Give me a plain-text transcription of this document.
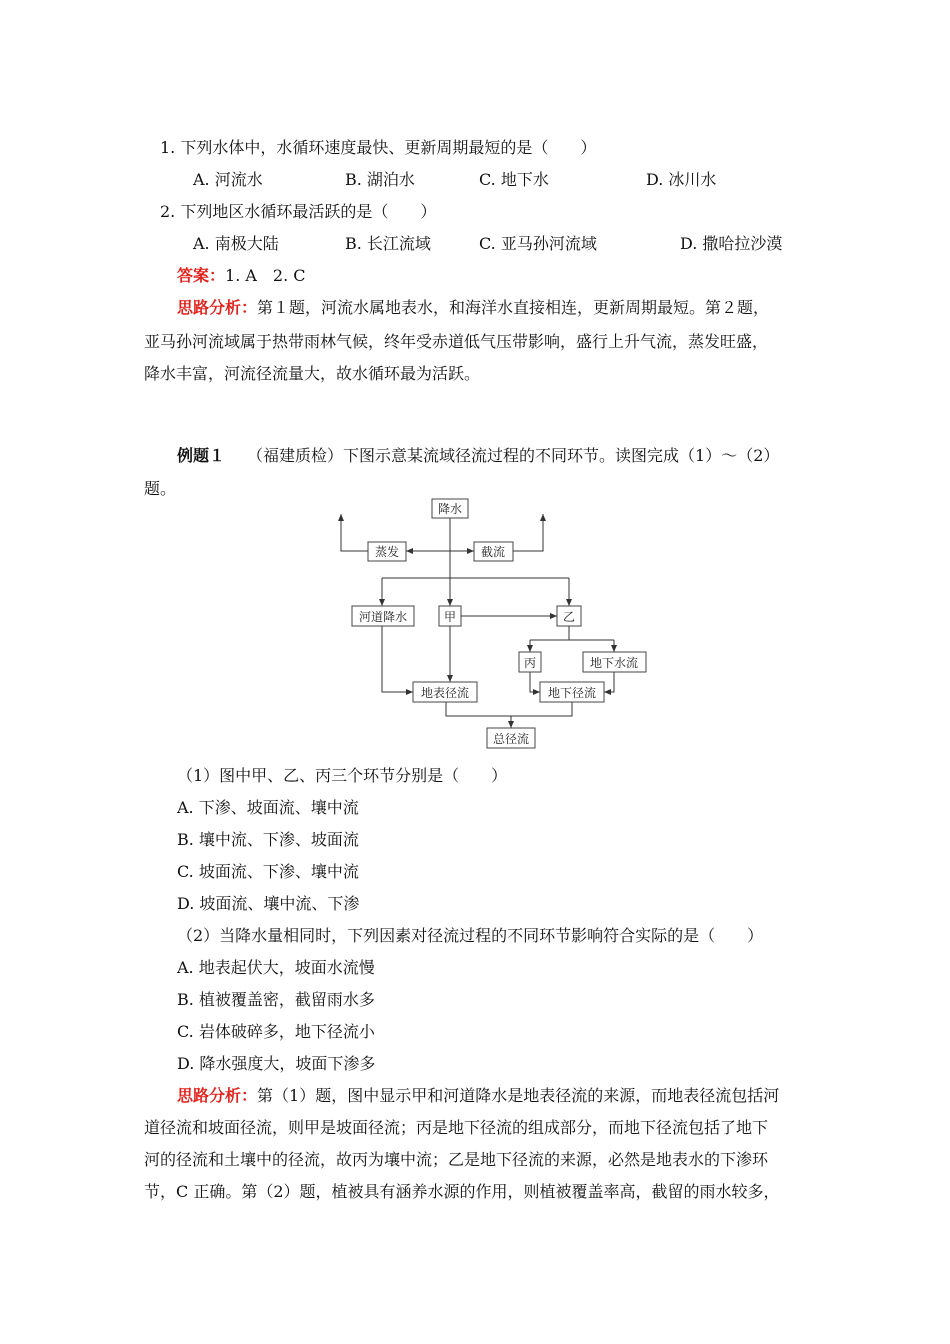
1. 下列水体中，水循环速度最快、更新周期最短的是（　　）
A. 河流水	B. 湖泊水	C. 地下水	D. 冰川水
2. 下列地区水循环最活跃的是（　　）
A. 南极大陆	B. 长江流域	C. 亚马孙河流域	D. 撒哈拉沙漠
答案：1. A　2. C
思路分析：第１题，河流水属地表水，和海洋水直接相连，更新周期最短。第２题，
亚马孙河流域属于热带雨林气候，终年受赤道低气压带影响，盛行上升气流，蒸发旺盛，
降水丰富，河流径流量大，故水循环最为活跃。
例题１ （福建质检）下图示意某流域径流过程的不同环节。读图完成（1）～（2）
题。
降水
蒸发	截流
河道降水	甲	乙
丙	地下水流
地表径流	地下径流
总径流
（1）图中甲、乙、丙三个环节分别是（　　）
A. 下渗、坡面流、壤中流
B. 壤中流、下渗、坡面流
C. 坡面流、下渗、壤中流
D. 坡面流、壤中流、下渗
（2）当降水量相同时，下列因素对径流过程的不同环节影响符合实际的是（　　）
A. 地表起伏大，坡面水流慢
B. 植被覆盖密，截留雨水多
C. 岩体破碎多，地下径流小
D. 降水强度大，坡面下渗多
思路分析：第（1）题，图中显示甲和河道降水是地表径流的来源，而地表径流包括河
道径流和坡面径流，则甲是坡面径流；丙是地下径流的组成部分，而地下径流包括了地下
河的径流和土壤中的径流，故丙为壤中流；乙是地下径流的来源，必然是地表水的下渗环
节，C 正确。第（2）题，植被具有涵养水源的作用，则植被覆盖率高，截留的雨水较多，
